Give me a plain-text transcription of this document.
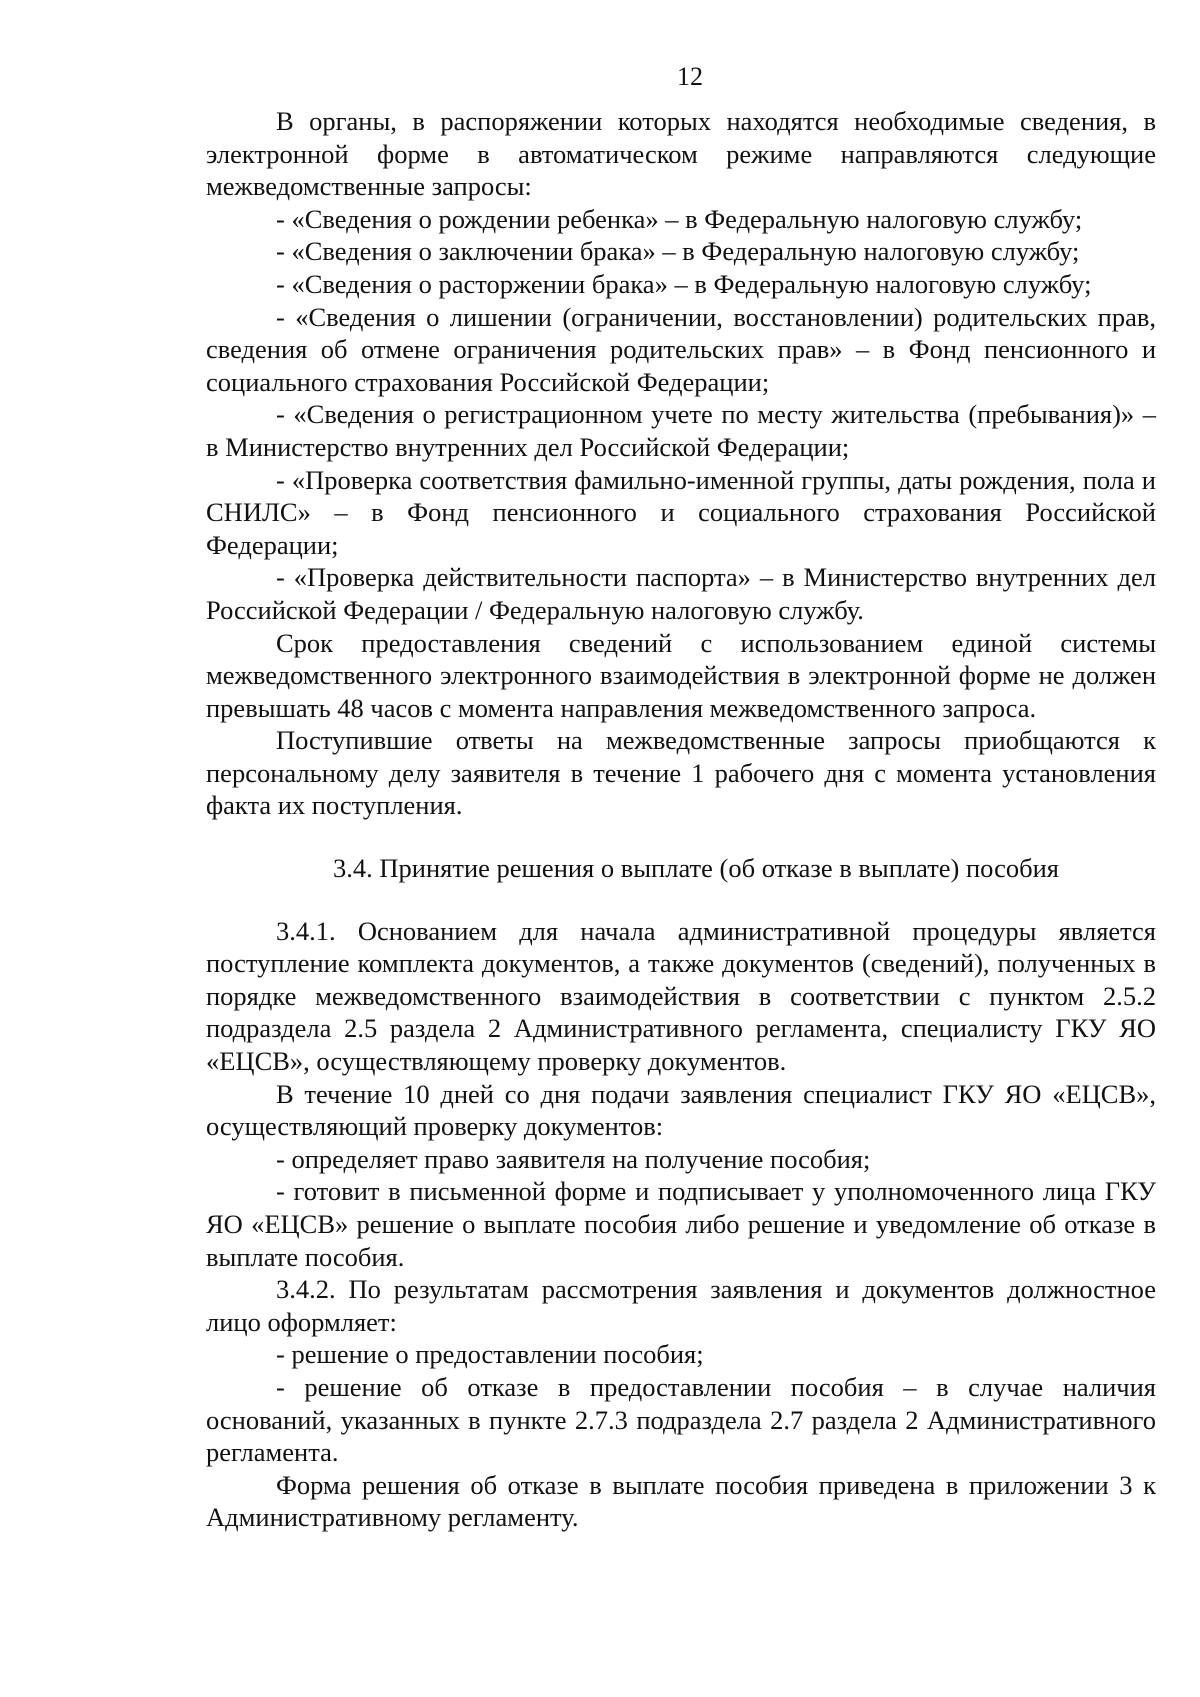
12

В органы, в распоряжении которых находятся необходимые сведения, в электронной форме в автоматическом режиме направляются следующие межведомственные запросы:

- «Сведения о рождении ребенка» – в Федеральную налоговую службу;

- «Сведения о заключении брака» – в Федеральную налоговую службу;

- «Сведения о расторжении брака» – в Федеральную налоговую службу;

- «Сведения о лишении (ограничении, восстановлении) родительских прав, сведения об отмене ограничения родительских прав» – в Фонд пенсионного и социального страхования Российской Федерации;

- «Сведения о регистрационном учете по месту жительства (пребывания)» – в Министерство внутренних дел Российской Федерации;

- «Проверка соответствия фамильно-именной группы, даты рождения, пола и СНИЛС» – в Фонд пенсионного и социального страхования Российской Федерации;

- «Проверка действительности паспорта» – в Министерство внутренних дел Российской Федерации / Федеральную налоговую службу.

Срок предоставления сведений с использованием единой системы межведомственного электронного взаимодействия в электронной форме не должен превышать 48 часов с момента направления межведомственного запроса.

Поступившие ответы на межведомственные запросы приобщаются к персональному делу заявителя в течение 1 рабочего дня с момента установления факта их поступления.

3.4. Принятие решения о выплате (об отказе в выплате) пособия

3.4.1. Основанием для начала административной процедуры является поступление комплекта документов, а также документов (сведений), полученных в порядке межведомственного взаимодействия в соответствии с пунктом 2.5.2 подраздела 2.5 раздела 2 Административного регламента, специалисту ГКУ ЯО «ЕЦСВ», осуществляющему проверку документов.

В течение 10 дней со дня подачи заявления специалист ГКУ ЯО «ЕЦСВ», осуществляющий проверку документов:

- определяет право заявителя на получение пособия;

- готовит в письменной форме и подписывает у уполномоченного лица ГКУ ЯО «ЕЦСВ» решение о выплате пособия либо решение и уведомление об отказе в выплате пособия.

3.4.2. По результатам рассмотрения заявления и документов должностное лицо оформляет:

- решение о предоставлении пособия;

- решение об отказе в предоставлении пособия – в случае наличия оснований, указанных в пункте 2.7.3 подраздела 2.7 раздела 2 Административного регламента.

Форма решения об отказе в выплате пособия приведена в приложении 3 к Административному регламенту.
